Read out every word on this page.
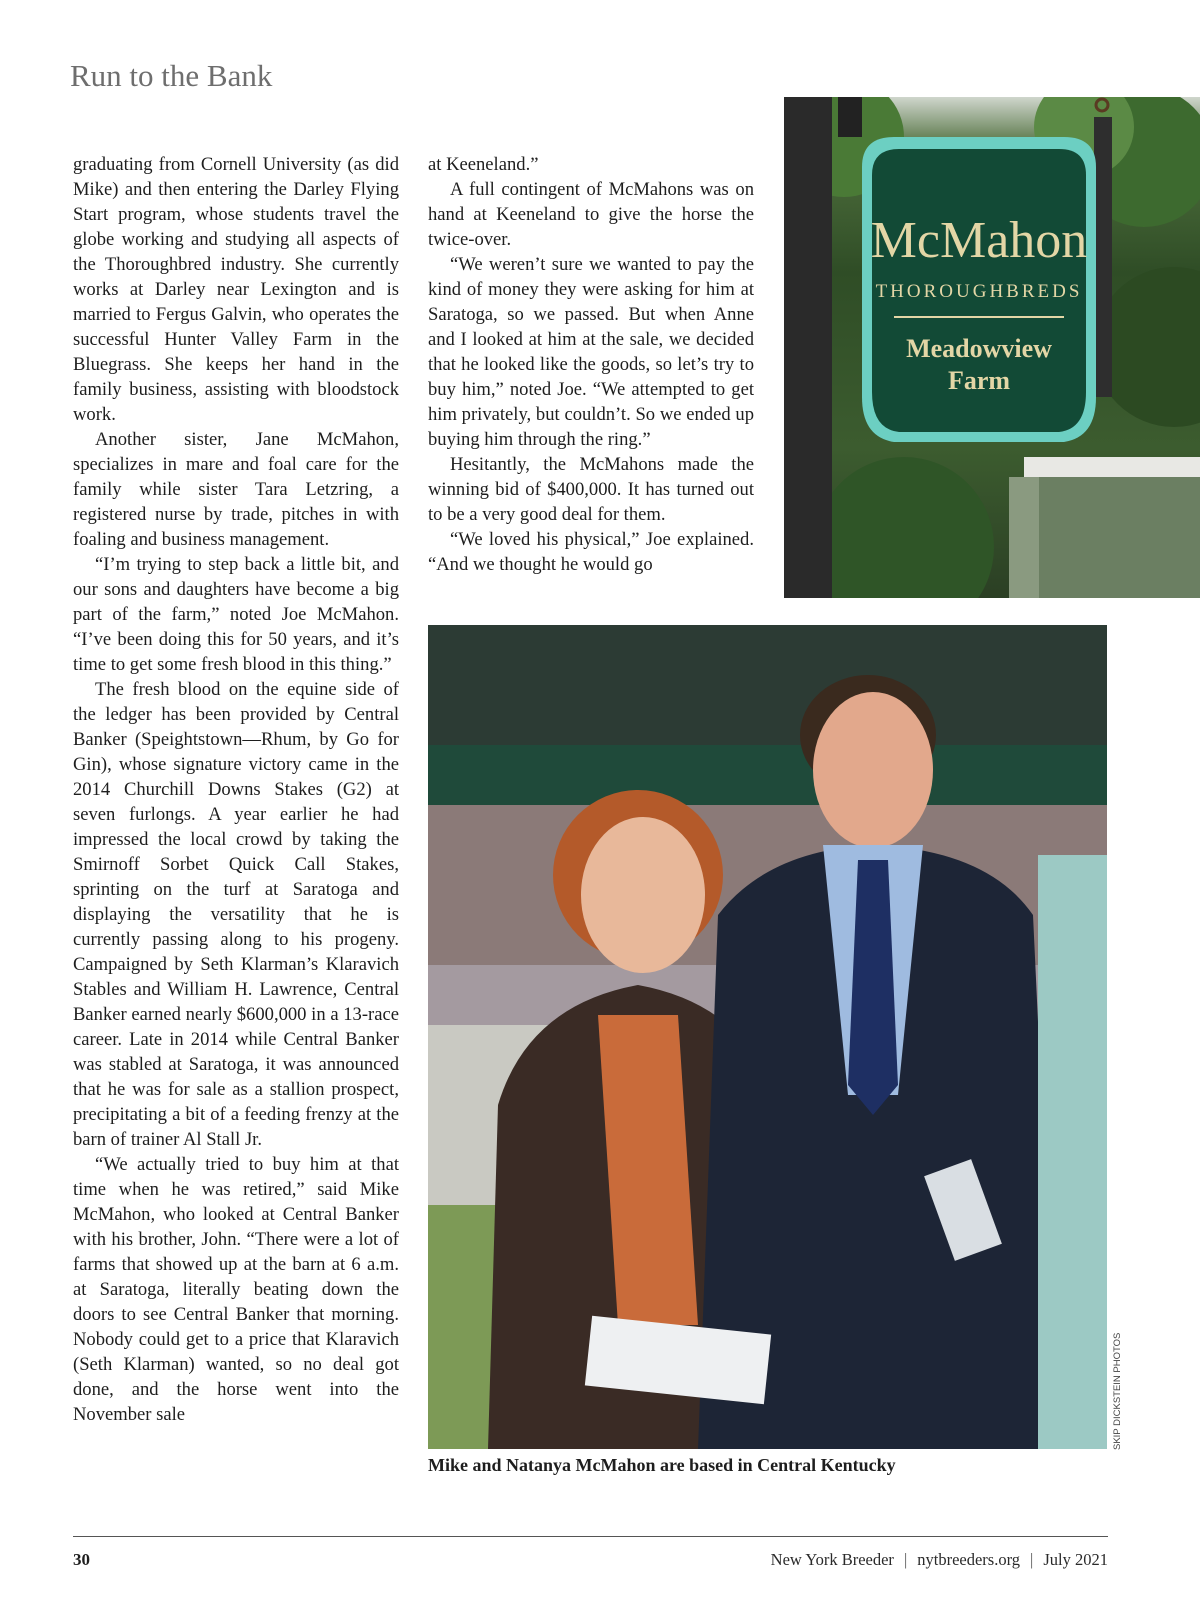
Run to the Bank

graduating from Cornell University (as did Mike) and then entering the Darley Flying Start program, whose students travel the globe working and studying all aspects of the Thoroughbred industry. She currently works at Darley near Lexington and is married to Fergus Galvin, who operates the successful Hunter Valley Farm in the Bluegrass. She keeps her hand in the family business, assisting with bloodstock work.

Another sister, Jane McMahon, specializes in mare and foal care for the family while sister Tara Letzring, a registered nurse by trade, pitches in with foaling and business management.

“I’m trying to step back a little bit, and our sons and daughters have become a big part of the farm,” noted Joe McMahon. “I’ve been doing this for 50 years, and it’s time to get some fresh blood in this thing.”

The fresh blood on the equine side of the ledger has been provided by Central Banker (Speightstown—Rhum, by Go for Gin), whose signature victory came in the 2014 Churchill Downs Stakes (G2) at seven furlongs. A year earlier he had impressed the local crowd by taking the Smirnoff Sorbet Quick Call Stakes, sprinting on the turf at Saratoga and displaying the versatility that he is currently passing along to his progeny. Campaigned by Seth Klarman’s Klaravich Stables and William H. Lawrence, Central Banker earned nearly $600,000 in a 13-race career. Late in 2014 while Central Banker was stabled at Saratoga, it was announced that he was for sale as a stallion prospect, precipitating a bit of a feeding frenzy at the barn of trainer Al Stall Jr.

“We actually tried to buy him at that time when he was retired,” said Mike McMahon, who looked at Central Banker with his brother, John. “There were a lot of farms that showed up at the barn at 6 a.m. at Saratoga, literally beating down the doors to see Central Banker that morning. Nobody could get to a price that Klaravich (Seth Klarman) wanted, so no deal got done, and the horse went into the November sale

at Keeneland.”

A full contingent of McMahons was on hand at Keeneland to give the horse the twice-over.

“We weren’t sure we wanted to pay the kind of money they were asking for him at Saratoga, so we passed. But when Anne and I looked at him at the sale, we decided that he looked like the goods, so let’s try to buy him,” noted Joe. “We attempted to get him privately, but couldn’t. So we ended up buying him through the ring.”

Hesitantly, the McMahons made the winning bid of $400,000. It has turned out to be a very good deal for them.

“We loved his physical,” Joe explained. “And we thought he would go

McMahon
THOROUGHBREDS
Meadowview
Farm
SKIP DICKSTEIN PHOTOS
Mike and Natanya McMahon are based in Central Kentucky
30	New York Breeder | nytbreeders.org | July 2021
